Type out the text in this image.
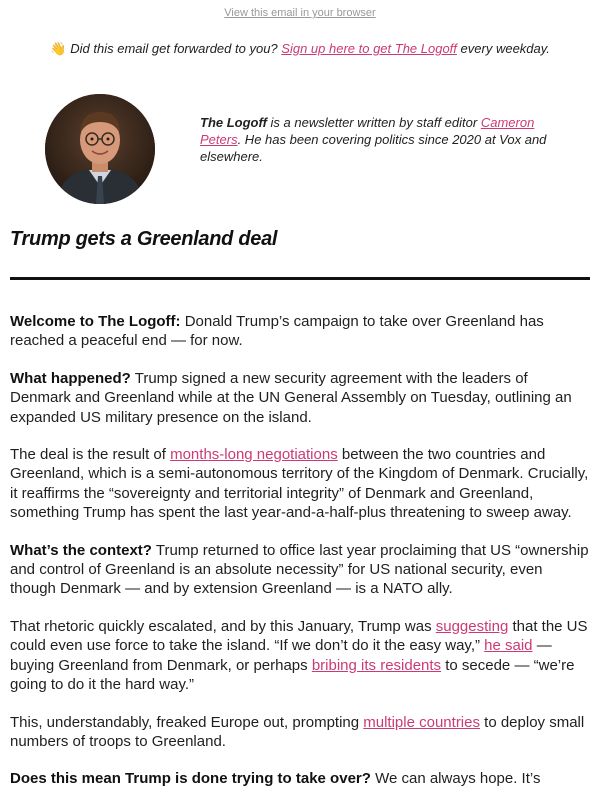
View this email in your browser
👋 Did this email get forwarded to you? Sign up here to get The Logoff every weekday.
The Logoff is a newsletter written by staff editor Cameron Peters. He has been covering politics since 2020 at Vox and elsewhere.
Trump gets a Greenland deal

Welcome to The Logoff: Donald Trump’s campaign to take over Greenland has reached a peaceful end — for now.

What happened? Trump signed a new security agreement with the leaders of Denmark and Greenland while at the UN General Assembly on Tuesday, outlining an expanded US military presence on the island.

The deal is the result of months-long negotiations between the two countries and Greenland, which is a semi-autonomous territory of the Kingdom of Denmark. Crucially, it reaffirms the “sovereignty and territorial integrity” of Denmark and Greenland, something Trump has spent the last year-and-a-half-plus threatening to sweep away.

What’s the context? Trump returned to office last year proclaiming that US “ownership and control of Greenland is an absolute necessity” for US national security, even though Denmark — and by extension Greenland — is a NATO ally.

That rhetoric quickly escalated, and by this January, Trump was suggesting that the US could even use force to take the island. “If we don’t do it the easy way,” he said — buying Greenland from Denmark, or perhaps bribing its residents to secede — “we’re going to do it the hard way.”

This, understandably, freaked Europe out, prompting multiple countries to deploy small numbers of troops to Greenland.

Does this mean Trump is done trying to take over? We can always hope. It’s
